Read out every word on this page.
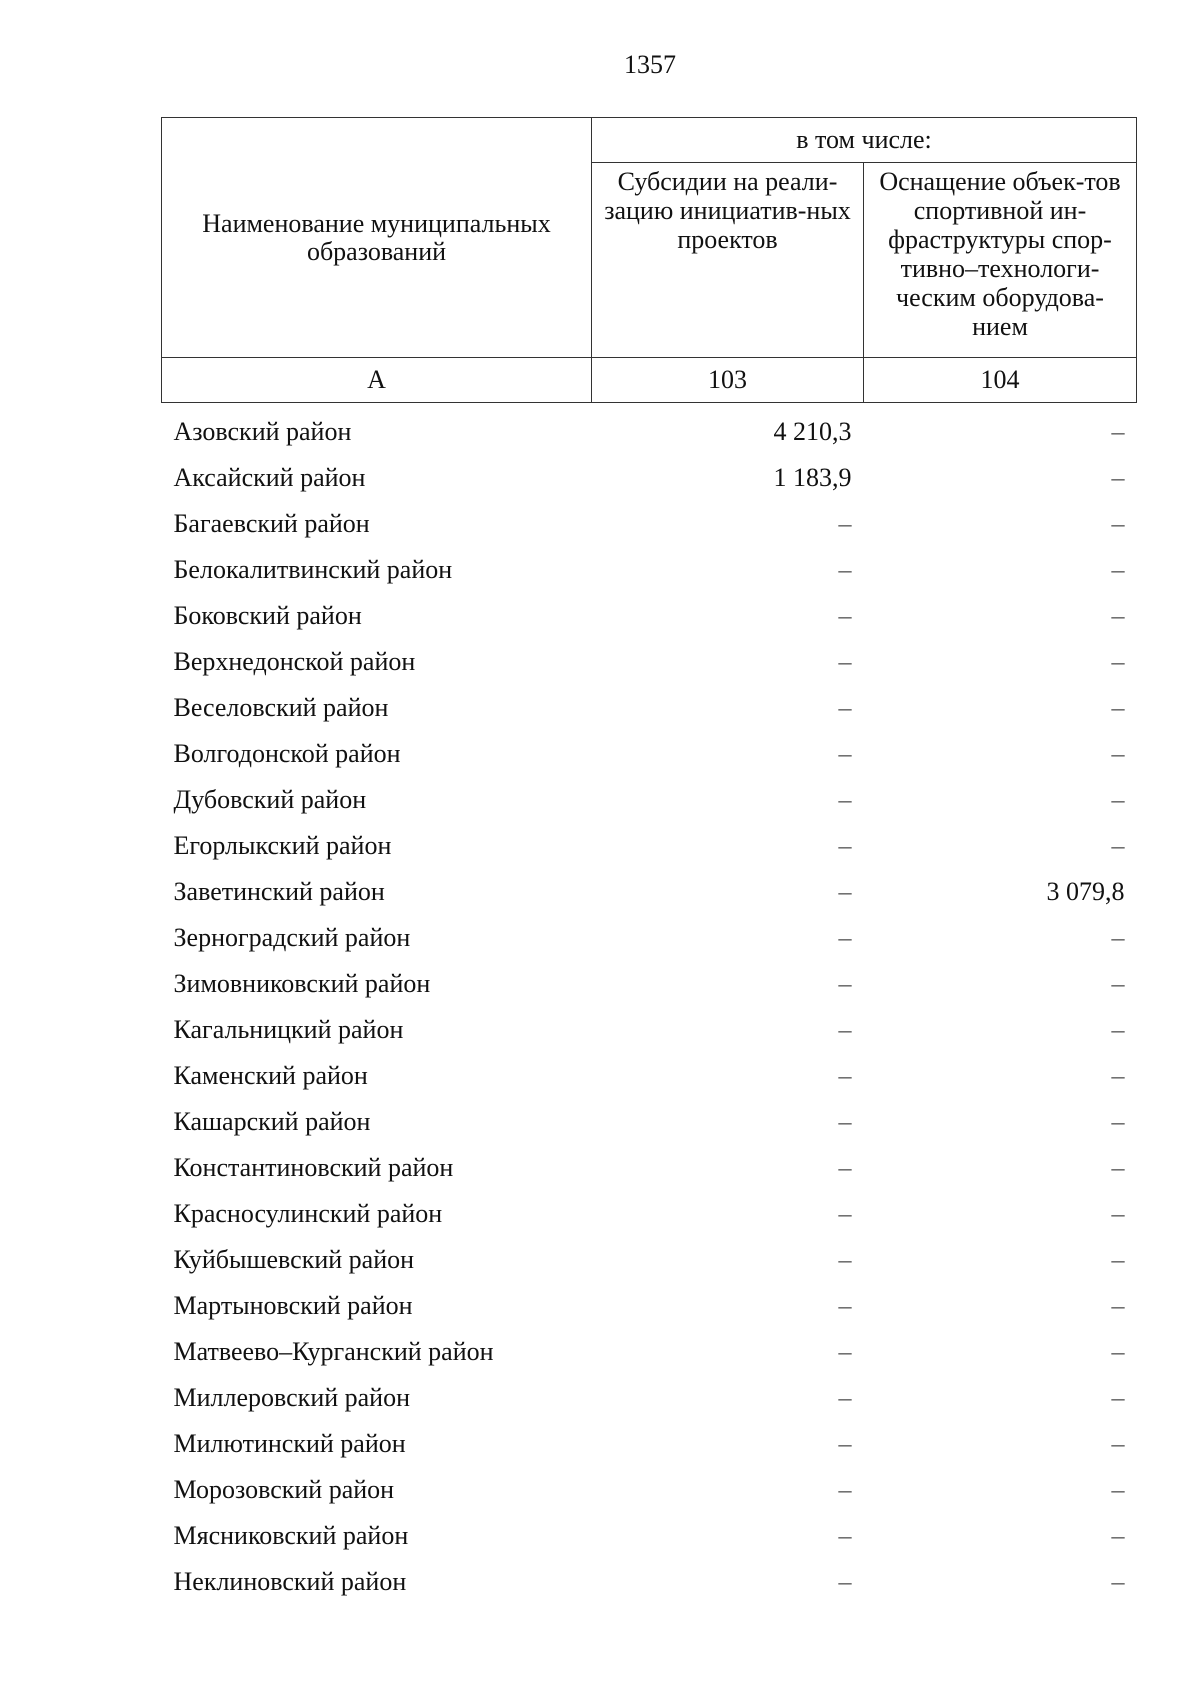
1357
Наименование муниципальных образований	в том числе:	
	Субсидии на реали-зацию инициатив-ных проектов	Оснащение объек-тов спортивной ин-фраструктуры спор-тивно–технологи-ческим оборудова-нием
А	103	104

Азовский район	4 210,3	–
Аксайский район	1 183,9	–
Багаевский район	–	–
Белокалитвинский район	–	–
Боковский район	–	–
Верхнедонской район	–	–
Веселовский район	–	–
Волгодонской район	–	–
Дубовский район	–	–
Егорлыкский район	–	–
Заветинский район	–	3 079,8
Зерноградский район	–	–
Зимовниковский район	–	–
Кагальницкий район	–	–
Каменский район	–	–
Кашарский район	–	–
Константиновский район	–	–
Красносулинский район	–	–
Куйбышевский район	–	–
Мартыновский район	–	–
Матвеево–Курганский район	–	–
Миллеровский район	–	–
Милютинский район	–	–
Морозовский район	–	–
Мясниковский район	–	–
Неклиновский район	–	–
